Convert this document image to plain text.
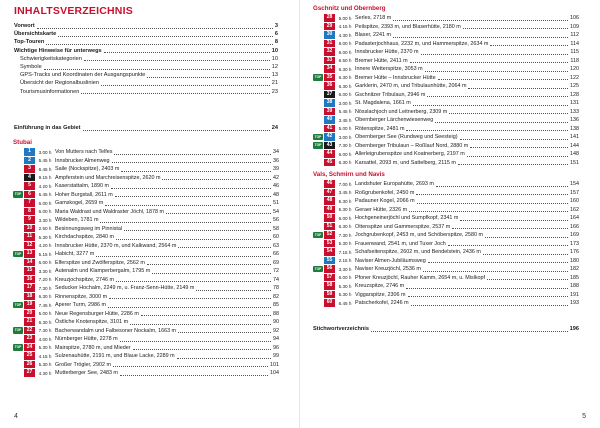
INHALTSVERZEICHNIS
Vorwort	3
Übersichtskarte	6
Top-Touren	8
Wichtige Hinweise für unterwegs	10
Schwierigkeitskategorien	10
Symbole	12
GPS-Tracks und Koordinaten der Ausgangspunkte	13
Übersicht der Regionalbuslinien	21
Tourismusinformationen	23
Einführung in das Gebiet	24
Stubai
1	3.00 h Von Mutters nach Telfes	34
2	5.45 h Innsbrucker Almenweg	36
3	6.45 h Saile (Nockspitze), 2403 m	39
4	9.15 h Ampferstein und Marchreisenspitze, 2620 m	42
5	4.20 h Kaserstattalm, 1890 m	46
TOP	6	5.45 h Hoher Burgstall, 2611 m	48
7	6.00 h Gamskogel, 2659 m	51
8	6.00 h Maria Waldrast und Waldraster Jöchl, 1878 m	54
9	3.30 h Wildeben, 1781 m	56
10	2.50 h Besinnungsweg im Pinnistal	58
11	5.30 h Kirchdachspitze, 2840 m	60
12	4.20 h Innsbrucker Hütte, 2370 m, und Kalkwand, 2564 m	63
TOP	13	5.15 h Habicht, 3277 m	66
14	6.00 h Elferspitze und Zwölferspitze, 2562 m	69
15	3.30 h Autenalm und Klamperbergalm, 1795 m	72
16	7.20 h Kreuzjochspitze, 2746 m	74
17	7.30 h Seducker Hochalm, 2249 m, u. Franz-Senn-Hütte, 2149 m	78
18	6.30 h Rinnenspitze, 3000 m	82
TOP	19	7.45 h Aperer Turm, 2986 m	85
20	5.00 h Neue Regensburger Hütte, 2286 m	88
21	6.30 h Östliche Knotenspitze, 3101 m	90
TOP	22	7.30 h Bacherwandalm und Falbesoner Nockalm, 1663 m	92
23	4.00 h Nürnberger Hütte, 2278 m	94
TOP	24	5.30 h Mairspitze, 2780 m, und Mieder	96
25	4.15 h Sulzenauhütte, 2191 m, und Blaue Lacke, 2289 m	99
26	5.30 h Großer Trögler, 2902 m	101
27	4.30 h Mutterberger See, 2483 m	104
4
Gschnitz und Obernberg
28	5.00 h Serles, 2718 m	106
29	4.15 h Peilspitze, 2393 m, und Blaserhütte, 2180 m	109
30	4.30 h Blaser, 2241 m	112
31	8.00 h Padasterjochhaus, 2232 m, und Hammerspitze, 2634 m	114
32	6.00 h Innsbrucker Hütte, 2370 m	115
33	6.50 h Bremer Hütte, 2411 m	118
34	6.30 h Innere Wetterspitze, 3053 m	120
TOP	35	6.30 h Bremer Hütte – Innsbrucker Hütte	122
36	6.30 h Garklerin, 2470 m, und Tribulaunhütte, 2064 m	125
37	6.00 h Gschnitzer Tribulaun, 2946 m	128
38	3.00 h St. Magdalena, 1661 m	131
39	5.45 h Nösslachjoch und Leitnerberg, 2309 m	133
40	3.45 h Obernberger Lärchenwiesenweg	136
41	5.00 h Rötenspitze, 2481 m	138
TOP	42	3.00 h Obernberger See (Rundweg und Seesteig)	141
TOP	43	7.30 h Obernberger Tribulaun – Roßlauf Nord, 2880 m	144
44	6.00 h Allerleigrubenspitze und Koatnerberg, 2197 m	148
45	6.30 h Karsattel, 2093 m, und Sattelberg, 2115 m	151
Vals, Schmirn und Navis
46	7.00 h Landshuter Europahütte, 2693 m	154
47	3.45 h Roßgrubenkofel, 2450 m	157
48	5.30 h Padauner Kogel, 2066 m	160
49	5.30 h Geraer Hütte, 2326 m	162
50	6.00 h Hochgeneinerjöchl und Sumpfkopf, 2341 m	164
51	6.30 h Ottenspitze und Gammerspitze, 2537 m	166
TOP	52	7.30 h Jochgrubenkopf, 2453 m, und Schöberspitze, 2580 m	169
53	5.30 h Frauenwand, 2541 m, und Tuxer Joch	173
54	7.15 h Schafseitenspitze, 2602 m, und Bendelstein, 2436 m	176
55	2.15 h Naviser Almen-Jubiläumsweg	180
TOP	56	3.30 h Naviser Kreuzjöchl, 2536 m	182
57	6.00 h Pfoner Kreuzjöchl, Rauher Kamm, 2654 m, u. Mislkopf	185
58	5.30 h Kreuzspitze, 2746 m	188
59	5.30 h Viggarspitze, 2306 m	191
60	6.45 h Patscherkofel, 2246 m	193
Stichwortverzeichnis	196
5
